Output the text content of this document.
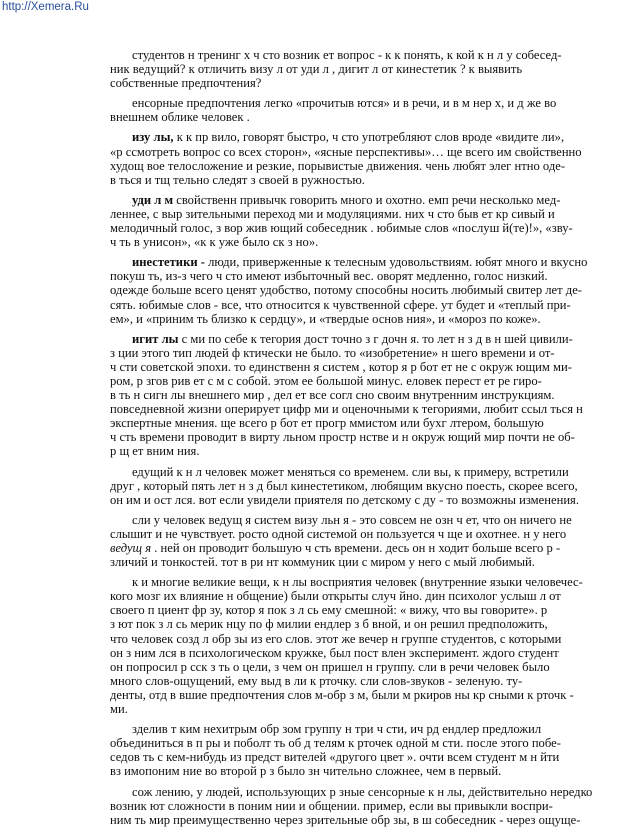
http://Xemera.Ru
студентов н тренинг х ч сто возник ет вопрос - к к понять, к кой к н л у собесед-
ник ведущий? к отличить визу л от уди л , дигит л от кинестетик ? к выявить
собственные предпочтения?
енсорные предпочтения легко «прочитыв ются» и в речи, и в м нер х, и д же во
внешнем облике человек .
изу лы, к к пр вило, говорят быстро, ч сто употребляют слов вроде «видите ли»,
«р ссмотреть вопрос со всех сторон», «ясные перспективы»… ще всего им свойственно
худощ вое телосложение и резкие, порывистые движения. чень любят элег нтно оде-
в ться и тщ тельно следят з своей в ружностью.
уди л м свойственн привычк говорить много и охотно. емп речи несколько мед-
леннее, с выр зительными переход ми и модуляциями. них ч сто быв ет кр сивый и
мелодичный голос, з вор жив ющий собеседник . юбимые слов «послуш й(те)!», «зву-
ч ть в унисон», «к к уже было ск з но».
инестетики - люди, приверженные к телесным удовольствиям. юбят много и вкусно
покуш ть, из-з чего ч сто имеют избыточный вес. оворят медленно, голос низкий.
одежде больше всего ценят удобство, потому способны носить любимый свитер лет де-
сять. юбимые слов - все, что относится к чувственной сфере. ут будет и «теплый при-
ем», и «приним ть близко к сердцу», и «твердые основ ния», и «мороз по коже».
игит лы с ми по себе к тегория дост точно з г дочн я. то лет н з д в н шей цивили-
з ции этого тип людей ф ктически не было. то «изобретение» н шего времени и от-
ч сти советской эпохи. то единственн я систем , котор я р бот ет не с окруж ющим ми-
ром, р згов рив ет с м с собой. этом ее большой минус. еловек перест ет ре гиро-
в ть н сигн лы внешнего мир , дел ет все согл сно своим внутренним инструкциям.
повседневной жизни оперирует цифр ми и оценочными к тегориями, любит ссыл ться н
экспертные мнения. ще всего р бот ет прогр ммистом или бухг лтером, большую
ч сть времени проводит в вирту льном простр нстве и н окруж ющий мир почти не об-
р щ ет вним ния.
едущий к н л человек может меняться со временем. сли вы, к примеру, встретили
друг , который пять лет н з д был кинестетиком, любящим вкусно поесть, скорее всего,
он им и ост лся. вот если увидели приятеля по детскому с ду - то возможны изменения.
сли у человек ведущ я систем визу льн я - это совсем не озн ч ет, что он ничего не
слышит и не чувствует. росто одной системой он пользуется ч ще и охотнее. н у него
ведущ я . ней он проводит большую ч сть времени. десь он н ходит больше всего р -
зличий и тонкостей. тот в ри нт коммуник ции с миром у него с мый любимый.
к и многие великие вещи, к н лы восприятия человек (внутренние языки человечес-
кого мозг их влияние н общение) были открыты случ йно. дин психолог услыш л от
своего п циент фр зу, котор я пок з л сь ему смешной: « вижу, что вы говорите». р
з ют пок з л сь мерик нцу по ф милии ендлер з б вной, и он решил предположить,
что человек созд л обр зы из его слов. этот же вечер н группе студентов, с которыми
он з ним лся в психологическом кружке, был пост влен эксперимент. ждого студент
он попросил р сск з ть о цели, з чем он пришел н группу. сли в речи человек было
много слов-ощущений, ему выд в ли к рточку. сли слов-звуков - зеленую. ту-
денты, отд в вшие предпочтения слов м-обр з м, были м ркиров ны кр сными к рточк -
ми.
зделив т ким нехитрым обр зом группу н три ч сти, ич рд ендлер предложил
объединиться в п ры и поболт ть об д телям к рточек одной м сти. после этого побе-
седов ть с кем-нибудь из предст вителей «другого цвет ». очти всем студент м н йти
вз имопоним ние во второй р з было зн чительно сложнее, чем в первый.
сож лению, у людей, использующих р зные сенсорные к н лы, действительно нередко
возник ют сложности в поним нии и общении. пример, если вы привыкли воспри-
ним ть мир преимущественно через зрительные обр зы, в ш собеседник - через ощуще-
